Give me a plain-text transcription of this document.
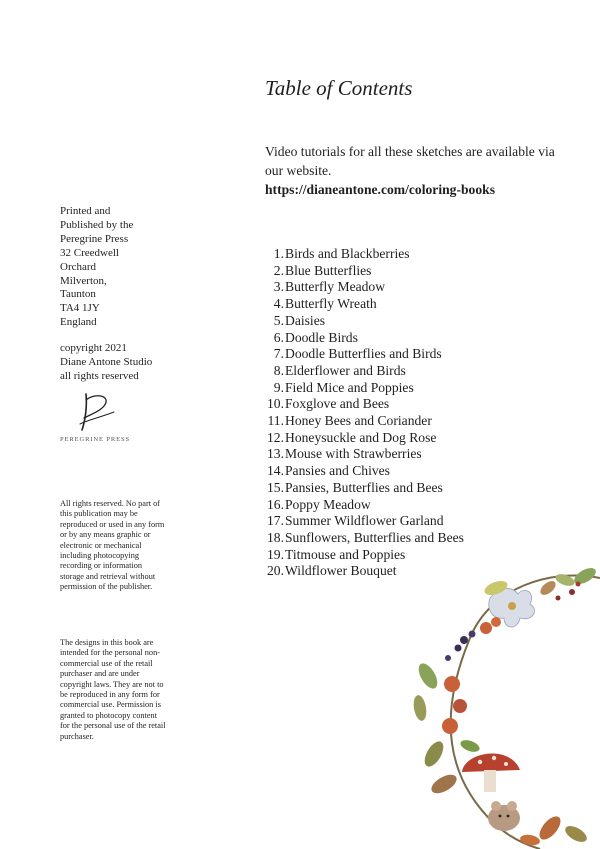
Table of Contents
Video tutorials for all these sketches are available via our website.
https://dianeantone.com/coloring-books
Printed and
Published by the
Peregrine Press
32 Creedwell
Orchard
Milverton,
Taunton
TA4 1JY
England
copyright 2021
Diane Antone Studio
all rights reserved
PEREGRINE PRESS

All rights reserved. No part of this publication may be reproduced or used in any form or by any means graphic or electronic or mechanical including photocopying recording or information storage and retrieval without permission of the publisher.

The designs in this book are intended for the personal non-commercial use of the retail purchaser and are under copyright laws. They are not to be reproduced in any form for commercial use. Permission is granted to photocopy content for the personal use of the retail purchaser.

1. Birds and Blackberries
2. Blue Butterflies
3. Butterfly Meadow
4. Butterfly Wreath
5. Daisies
6. Doodle Birds
7. Doodle Butterflies and Birds
8. Elderflower and Birds
9. Field Mice and Poppies
10. Foxglove and Bees
11. Honey Bees and Coriander
12. Honeysuckle and Dog Rose
13. Mouse with Strawberries
14. Pansies and Chives
15. Pansies, Butterflies and Bees
16. Poppy Meadow
17. Summer Wildflower Garland
18. Sunflowers, Butterflies and Bees
19. Titmouse and Poppies
20. Wildflower Bouquet
